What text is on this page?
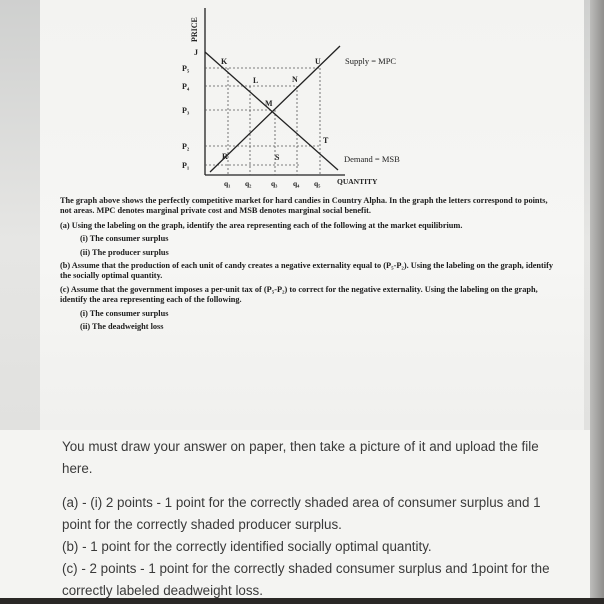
PRICE
P₅
P₄
P₃
P₂
P₁
q₁ q₂	q₃ q₄ q₅ QUANTITY
J
K	U
N
L
M
T
R	S
Supply = MPC
Demand = MSB

The graph above shows the perfectly competitive market for hard candies in Country Alpha. In the graph the letters correspond to points, not areas. MPC denotes marginal private cost and MSB denotes marginal social benefit.

(a) Using the labeling on the graph, identify the area representing each of the following at the market equilibrium.

(i) The consumer surplus

(ii) The producer surplus

(b) Assume that the production of each unit of candy creates a negative externality equal to (P₅-P₂). Using the labeling on the graph, identify the socially optimal quantity.

(c) Assume that the government imposes a per-unit tax of (P₅-P₂) to correct for the negative externality. Using the labeling on the graph, identify the area representing each of the following.

(i) The consumer surplus

(ii) The deadweight loss

You must draw your answer on paper, then take a picture of it and upload the file here.

(a) - (i) 2 points - 1 point for the correctly shaded area of consumer surplus and 1 point for the correctly shaded producer surplus.

(b) - 1 point for the correctly identified socially optimal quantity.

(c) - 2 points - 1 point for the correctly shaded consumer surplus and 1point for the correctly labeled deadweight loss.
